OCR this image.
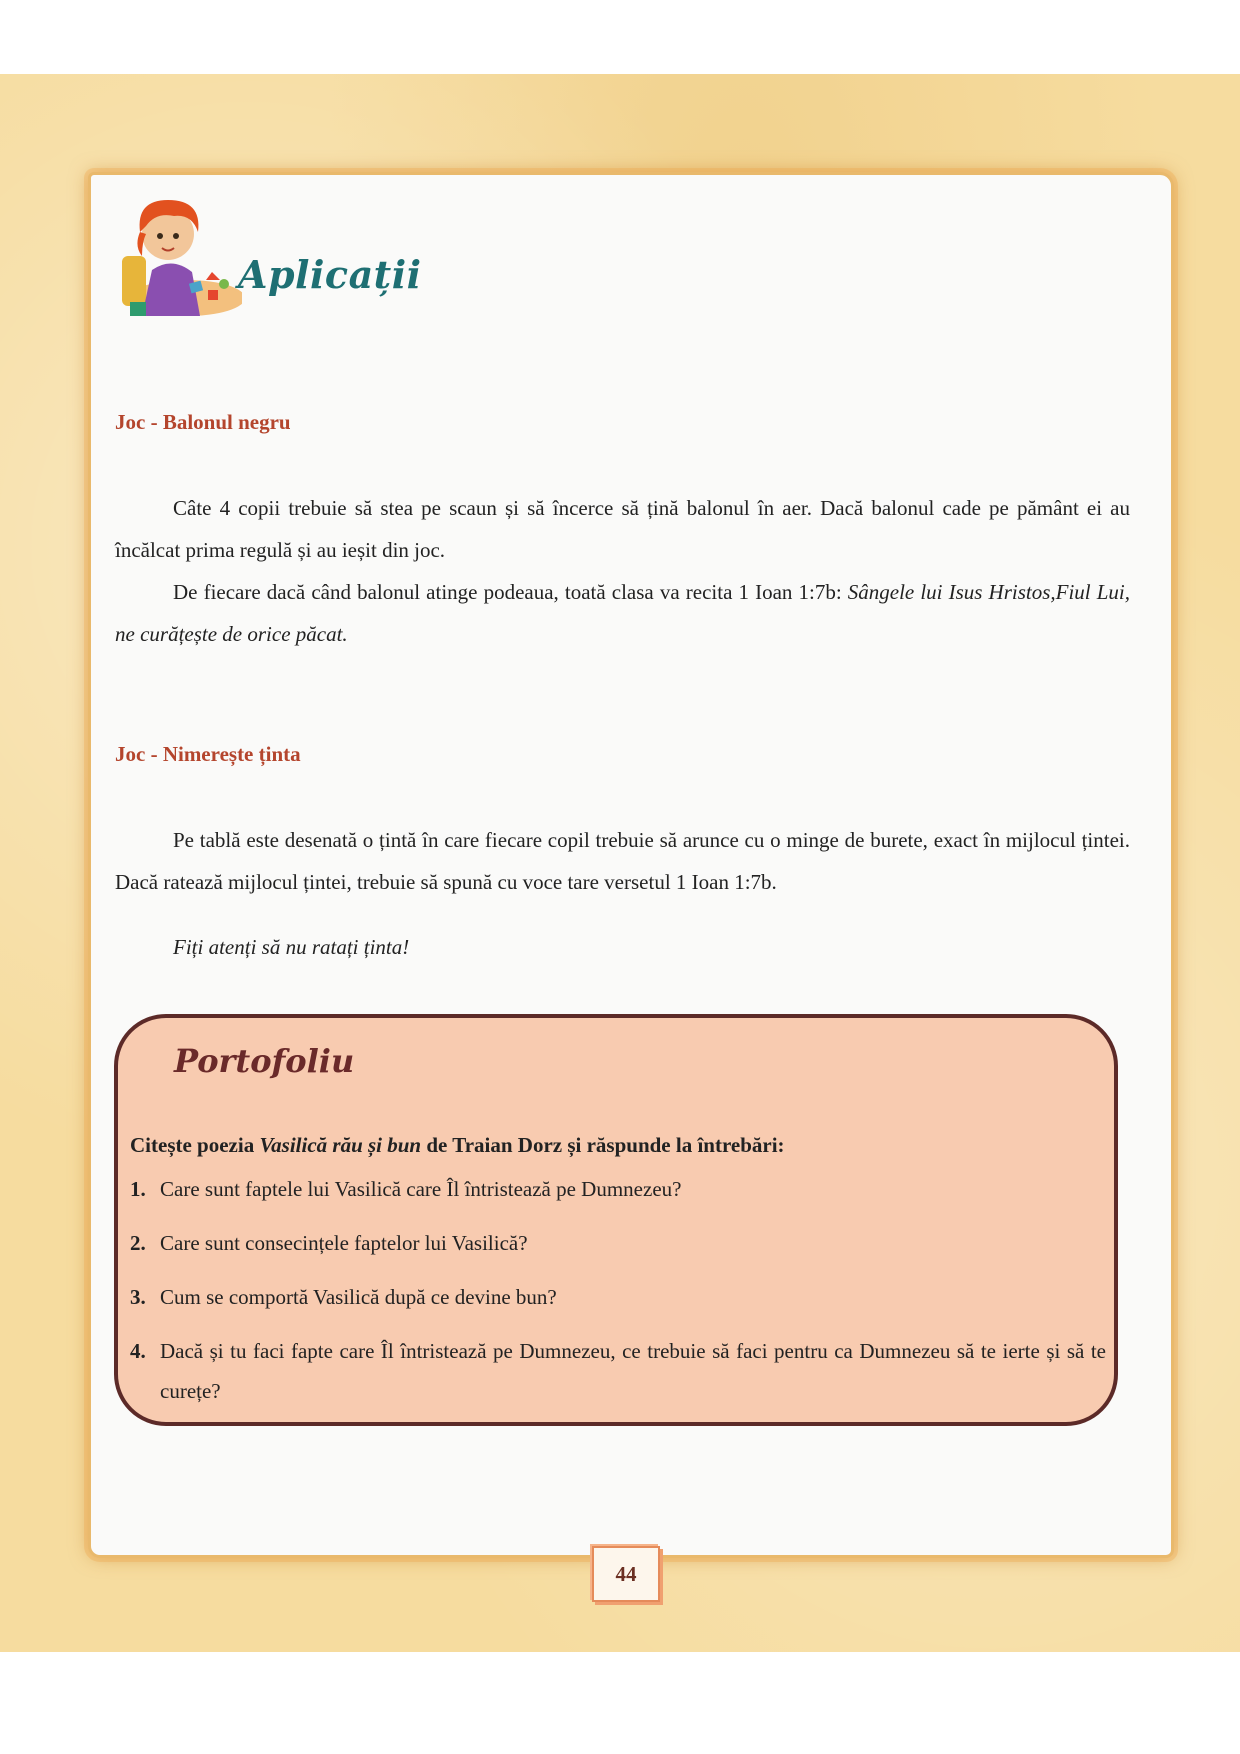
Aplicații
Joc - Balonul negru

Câte 4 copii trebuie să stea pe scaun și să încerce să țină balonul în aer. Dacă balonul cade pe pământ ei au încălcat prima regulă și au ieșit din joc.

De fiecare dacă când balonul atinge podeaua, toată clasa va recita 1 Ioan 1:7b: Sângele lui Isus Hristos,Fiul Lui, ne curățește de orice păcat.

Joc - Nimerește ținta

Pe tablă este desenată o țintă în care fiecare copil trebuie să arunce cu o minge de burete, exact în mijlocul țintei. Dacă ratează mijlocul țintei, trebuie să spună cu voce tare versetul 1 Ioan 1:7b.

Fiți atenți să nu ratați ținta!

Portofoliu

Citește poezia Vasilică rău și bun de Traian Dorz și răspunde la întrebări:

1. Care sunt faptele lui Vasilică care Îl întristează pe Dumnezeu?
2. Care sunt consecințele faptelor lui Vasilică?
3. Cum se comportă Vasilică după ce devine bun?
4. Dacă și tu faci fapte care Îl întristează pe Dumnezeu, ce trebuie să faci pentru ca Dumnezeu să te ierte și să te curețe?
44
